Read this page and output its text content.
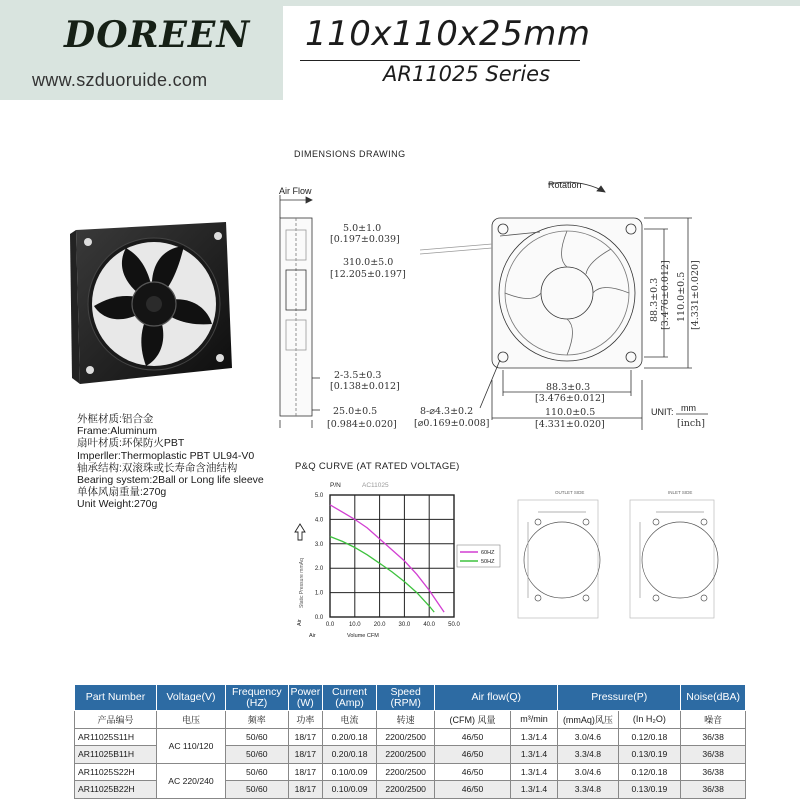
DOREEN
www.szduoruide.com
110x110x25mm
AR11025 Series
外框材质:铝合金
Frame:Aluminum
扇叶材质:环保防火PBT
Imperller:Thermoplastic PBT UL94-V0
轴承结构:双滚珠或长寿命含油结构
Bearing system:2Ball or Long life sleeve
单体风扇重量:270g
Unit Weight:270g
DIMENSIONS DRAWING
Air Flow
Rotation
5.0±1.0
[0.197±0.039]
310.0±5.0
[12.205±0.197]
2-3.5±0.3
[0.138±0.012]
25.0±0.5
[0.984±0.020]
8-⌀4.3±0.2
[⌀0.169±0.008]
88.3±0.3
[3.476±0.012]
110.0±0.5
[4.331±0.020]
88.3±0.3 [3.476±0.012] 110.0±0.5 [4.331±0.020]
UNIT: mm
[inch]
P&Q CURVE (AT RATED VOLTAGE)
0.0 10.0 20.0 30.0 40.0 50.0
0.0
1.0
2.0
3.0
4.0
5.0
P/N	AC11025
Static Pressure mmAq
Air
Air	Volume CFM
60HZ
50HZ
OUTLET SIDE	INLET SIDE
Part Number	Voltage(V)	Frequency (HZ)	Power (W)	Current (Amp)	Speed (RPM)	Air flow(Q)		Pressure(P)		Noise(dBA)
产品编号	电压	频率	功率	电流	转速	(CFM) 风量	m³/min	(mmAq)风压	(In H₂O)	噪音
AR11025S11H	AC 110/120	50/60	18/17	0.20/0.18	2200/2500	46/50	1.3/1.4	3.0/4.6	0.12/0.18	36/38
AR11025B11H		50/60	18/17	0.20/0.18	2200/2500	46/50	1.3/1.4	3.3/4.8	0.13/0.19	36/38
AR11025S22H	AC 220/240	50/60	18/17	0.10/0.09	2200/2500	46/50	1.3/1.4	3.0/4.6	0.12/0.18	36/38
AR11025B22H		50/60	18/17	0.10/0.09	2200/2500	46/50	1.3/1.4	3.3/4.8	0.13/0.19	36/38
